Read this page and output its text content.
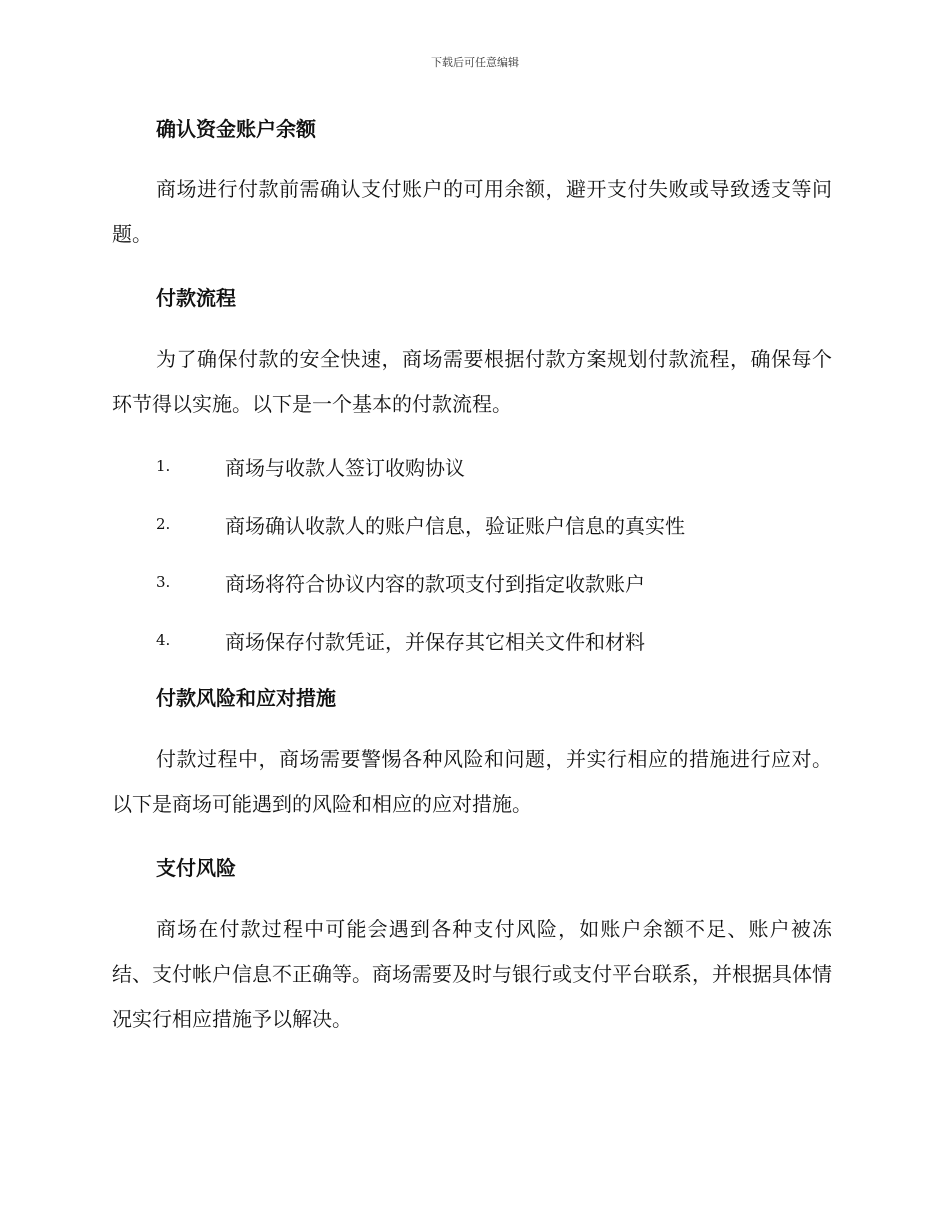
下载后可任意编辑
确认资金账户余额

商场进行付款前需确认支付账户的可用余额，避开支付失败或导致透支等问题。

付款流程

为了确保付款的安全快速，商场需要根据付款方案规划付款流程，确保每个环节得以实施。以下是一个基本的付款流程。

1.	商场与收款人签订收购协议
2.	商场确认收款人的账户信息，验证账户信息的真实性
3.	商场将符合协议内容的款项支付到指定收款账户
4.	商场保存付款凭证，并保存其它相关文件和材料
付款风险和应对措施

付款过程中，商场需要警惕各种风险和问题，并实行相应的措施进行应对。以下是商场可能遇到的风险和相应的应对措施。

支付风险

商场在付款过程中可能会遇到各种支付风险，如账户余额不足、账户被冻结、支付帐户信息不正确等。商场需要及时与银行或支付平台联系，并根据具体情况实行相应措施予以解决。
